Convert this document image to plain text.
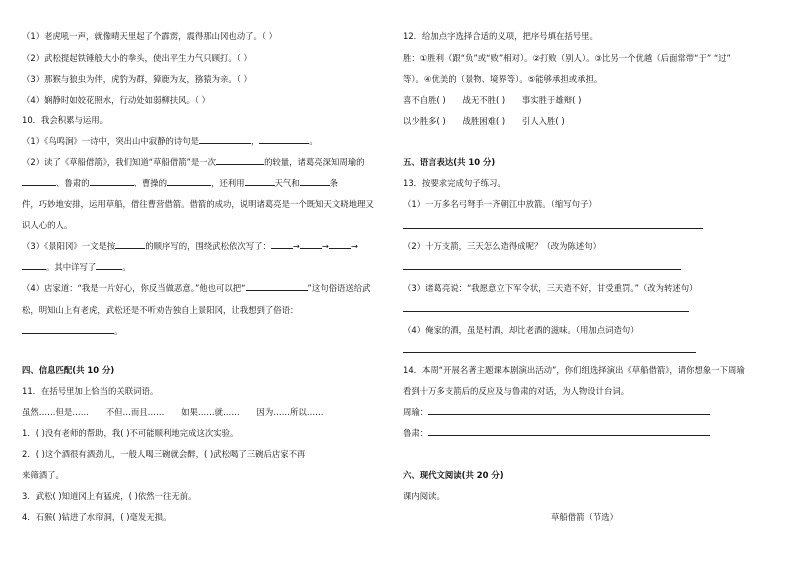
（1）老虎吼一声，就像晴天里起了个霹雳，震得那山冈也动了。（ ）
（2）武松提起铁锤般大小的拳头，使出平生力气只顾打。（ ）
（3）那猴与狼虫为伴，虎豹为群，獐鹿为友，猕猿为亲。（ ）
（4）娴静时如姣花照水，行动处如弱柳扶风。（ ）
10．我会积累与运用。
（1）《鸟鸣涧》一诗中，突出山中寂静的诗句是	，	。
（2）读了《草船借箭》，我们知道“草船借箭”是一次	的较量，诸葛亮深知周瑜的
、鲁肃的	、曹操的	，还利用	天气和	条
件，巧妙地安排，运用草船，借往曹营借箭。借箭的成功，说明诸葛亮是一个既知天文晓地理又
识人心的人。
（3）《景阳冈》一文是按	的顺序写的，围绕武松依次写了：	→	→	→
。其中详写了	。
（4）店家道：“我是一片好心，你反当做恶意。”他也可以把“	”这句俗语送给武
松，明知山上有老虎，武松还是不听劝告独自上景阳冈，让我想到了俗语：
。
四、信息匹配(共 10 分)
11．在括号里加上恰当的关联词语。
虽然……但是……　　不但…而且……　　如果……就……　　因为……所以……
1．( )没有老师的帮助，我( )不可能顺利地完成这次实验。
2．( )这个酒很有酒劲儿，一般人喝三碗就会醉，( )武松喝了三碗后店家不再
来筛酒了。
3．武松( )知道冈上有猛虎，( )依然一往无前。
4．石猴( )钻进了水帘洞，( )毫发无损。
12．给加点字选择合适的义项，把序号填在括号里。
胜：①胜利（跟“负”或“败”相对）。②打败（别人）。③比另一个优越（后面常带“于” “过”
等）。④优美的（景物、境界等）。⑤能够承担或承担。
喜不自胜( )　　战无不胜( )　　事实胜于雄辩( )
以少胜多( )　　战胜困难( )　　引人入胜( )
五、语言表达(共 10 分)
13．按要求完成句子练习。
（1）一万多名弓弩手一齐朝江中放箭。（缩写句子）
（2）十万支箭，三天怎么造得成呢？（改为陈述句）
（3）诸葛亮说：“我愿意立下军令状，三天造不好，甘受重罚。”（改为转述句）
（4）俺家的酒，虽是村酒，却比老酒的滋味。（用加点词造句）
14．本周“开展名著主题课本剧演出活动”，你们组选择演出《草船借箭》，请你想象一下周瑜
看到十万多支箭后的反应及与鲁肃的对话，为人物设计台词。
周瑜：
鲁肃：
六、现代文阅读(共 20 分)
课内阅读。
草船借箭（节选）
